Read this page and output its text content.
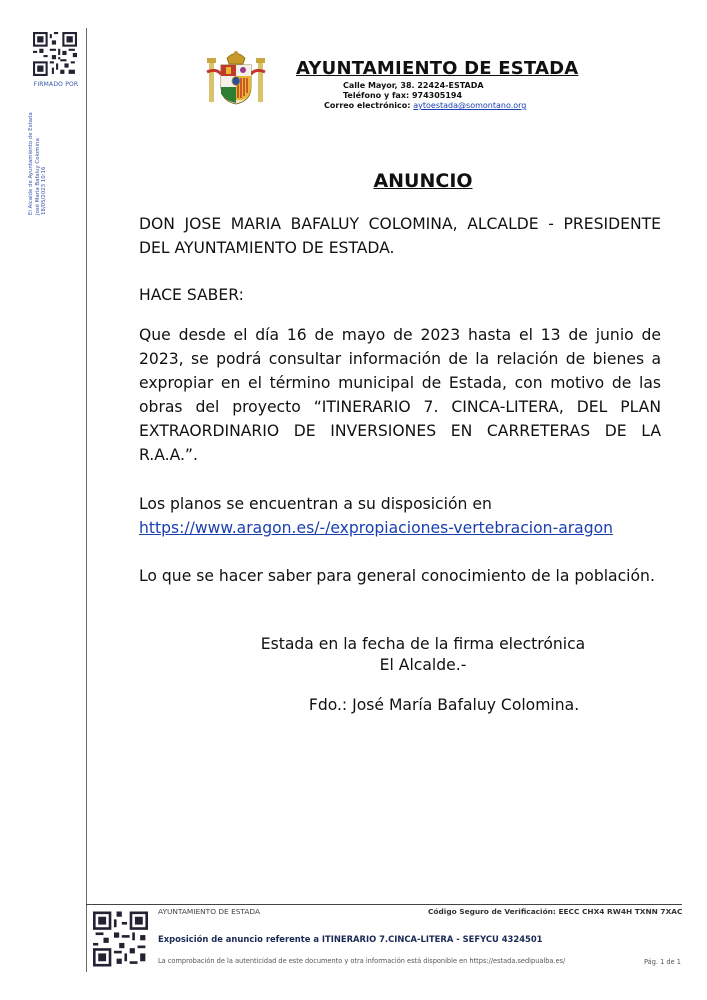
FIRMADO POR
El Alcalde de Ayuntamiento de Estada José María Bafaluy Colomina 18/05/2023 10:16
AYUNTAMIENTO DE ESTADA
Calle Mayor, 38. 22424-ESTADA
Teléfono y fax: 974305194
Correo electrónico: aytoestada@somontano.org
ANUNCIO
DON JOSE MARIA BAFALUY COLOMINA, ALCALDE - PRESIDENTE DEL AYUNTAMIENTO DE ESTADA.
HACE SABER:
Que desde el día 16 de mayo de 2023 hasta el 13 de junio de 2023, se podrá consultar información de la relación de bienes a expropiar en el término municipal de Estada, con motivo de las obras del proyecto “ITINERARIO 7. CINCA-LITERA, DEL PLAN EXTRAORDINARIO DE INVERSIONES EN CARRETERAS DE LA R.A.A.”.
Los planos se encuentran a su disposición en
https://www.aragon.es/-/expropiaciones-vertebracion-aragon
Lo que se hacer saber para general conocimiento de la población.
Estada en la fecha de la firma electrónica
El Alcalde.-
Fdo.: José María Bafaluy Colomina.
AYUNTAMIENTO DE ESTADA	Código Seguro de Verificación: EECC CHX4 RW4H TXNN 7XAC
Exposición de anuncio referente a ITINERARIO 7.CINCA-LITERA - SEFYCU 4324501
La comprobación de la autenticidad de este documento y otra información está disponible en https://estada.sedipualba.es/	Pág. 1 de 1
